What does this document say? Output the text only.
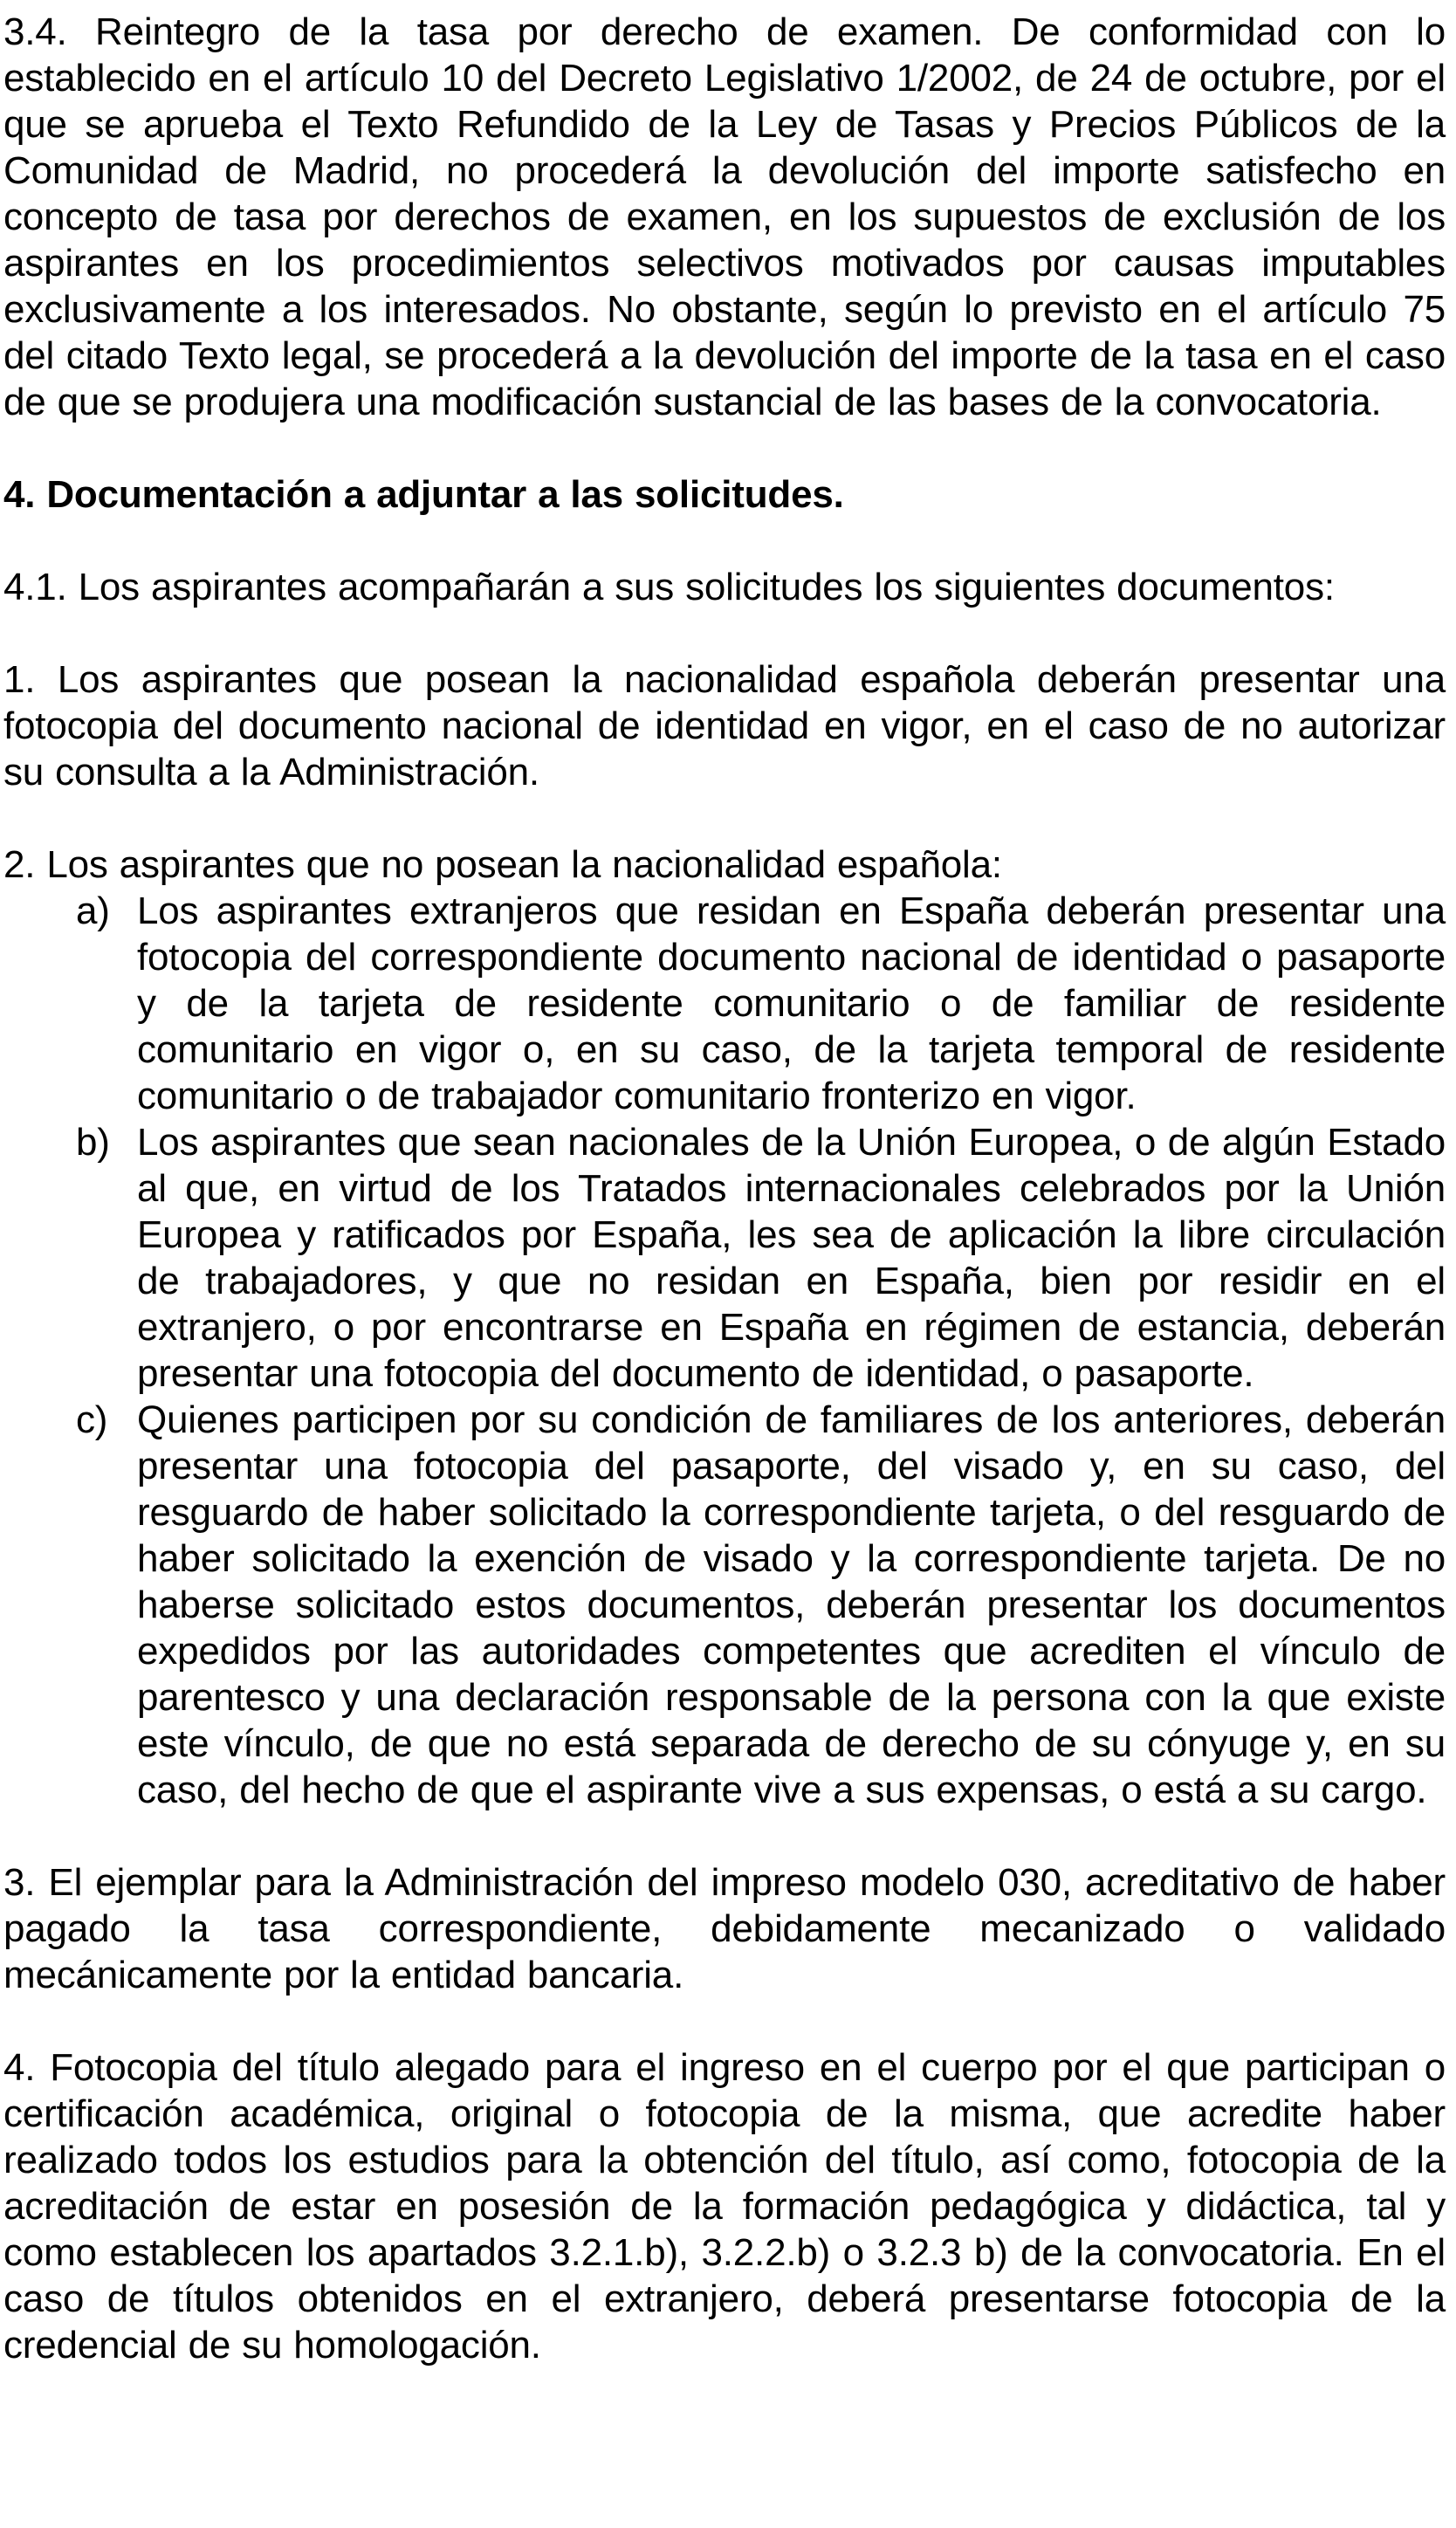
3.4. Reintegro de la tasa por derecho de examen. De conformidad con lo establecido en el artículo 10 del Decreto Legislativo 1/2002, de 24 de octubre, por el que se aprueba el Texto Refundido de la Ley de Tasas y Precios Públicos de la Comunidad de Madrid, no procederá la devolución del importe satisfecho en concepto de tasa por derechos de examen, en los supuestos de exclusión de los aspirantes en los procedimientos selectivos motivados por causas imputables exclusivamente a los interesados. No obstante, según lo previsto en el artículo 75 del citado Texto legal, se procederá a la devolución del importe de la tasa en el caso de que se produjera una modificación sustancial de las bases de la convocatoria.

4. Documentación a adjuntar a las solicitudes.

4.1. Los aspirantes acompañarán a sus solicitudes los siguientes documentos:

1. Los aspirantes que posean la nacionalidad española deberán presentar una fotocopia del documento nacional de identidad en vigor, en el caso de no autorizar su consulta a la Administración.

2. Los aspirantes que no posean la nacionalidad española:

a) Los aspirantes extranjeros que residan en España deberán presentar una fotocopia del correspondiente documento nacional de identidad o pasaporte y de la tarjeta de residente comunitario o de familiar de residente comunitario en vigor o, en su caso, de la tarjeta temporal de residente comunitario o de trabajador comunitario fronterizo en vigor.
b) Los aspirantes que sean nacionales de la Unión Europea, o de algún Estado al que, en virtud de los Tratados internacionales celebrados por la Unión Europea y ratificados por España, les sea de aplicación la libre circulación de trabajadores, y que no residan en España, bien por residir en el extranjero, o por encontrarse en España en régimen de estancia, deberán presentar una fotocopia del documento de identidad, o pasaporte.
c) Quienes participen por su condición de familiares de los anteriores, deberán presentar una fotocopia del pasaporte, del visado y, en su caso, del resguardo de haber solicitado la correspondiente tarjeta, o del resguardo de haber solicitado la exención de visado y la correspondiente tarjeta. De no haberse solicitado estos documentos, deberán presentar los documentos expedidos por las autoridades competentes que acrediten el vínculo de parentesco y una declaración responsable de la persona con la que existe este vínculo, de que no está separada de derecho de su cónyuge y, en su caso, del hecho de que el aspirante vive a sus expensas, o está a su cargo.

3. El ejemplar para la Administración del impreso modelo 030, acreditativo de haber pagado la tasa correspondiente, debidamente mecanizado o validado mecánicamente por la entidad bancaria.

4. Fotocopia del título alegado para el ingreso en el cuerpo por el que participan o certificación académica, original o fotocopia de la misma, que acredite haber realizado todos los estudios para la obtención del título, así como, fotocopia de la acreditación de estar en posesión de la formación pedagógica y didáctica, tal y como establecen los apartados 3.2.1.b), 3.2.2.b) o 3.2.3 b) de la convocatoria. En el caso de títulos obtenidos en el extranjero, deberá presentarse fotocopia de la credencial de su homologación.
